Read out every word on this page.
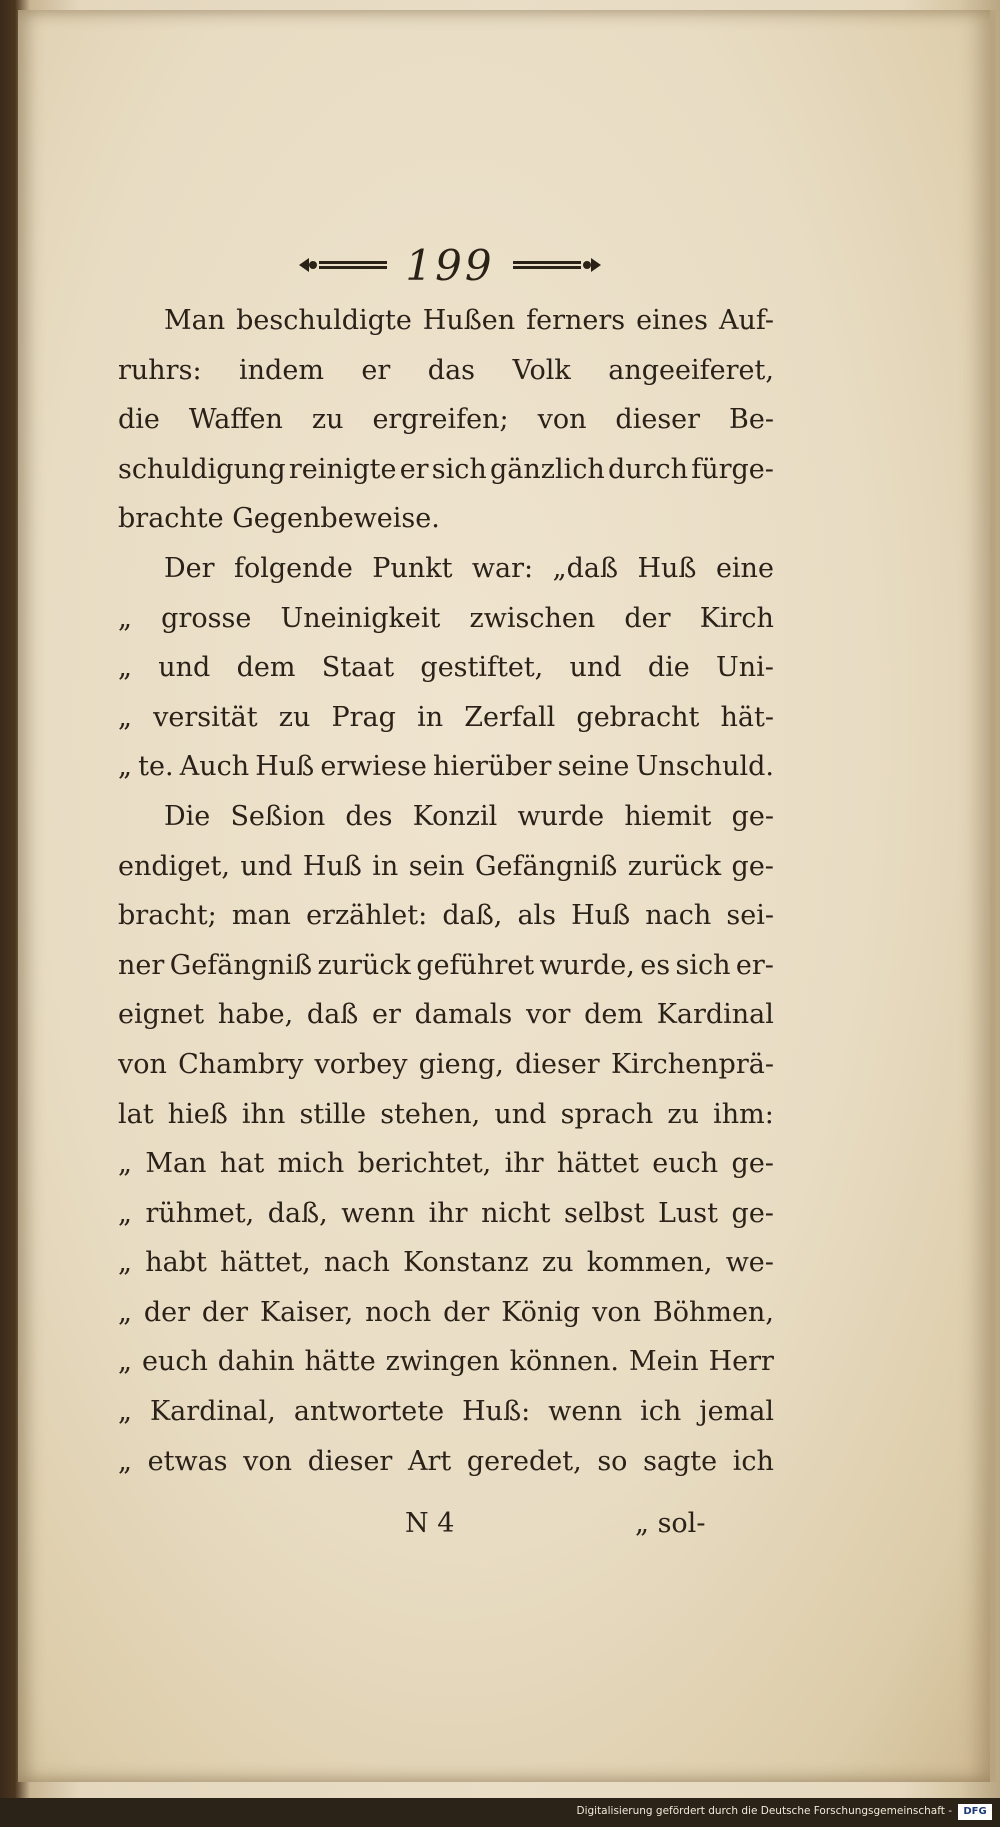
199
Man beschuldigte Hußen ferners eines Auf-
ruhrs: indem er das Volk angeeiferet,
die Waffen zu ergreifen; von dieser Be-
schuldigung reinigte er sich gänzlich durch fürge-
brachte Gegenbeweise.
Der folgende Punkt war: „daß Huß eine
„ grosse Uneinigkeit zwischen der Kirch
„ und dem Staat gestiftet, und die Uni-
„ versität zu Prag in Zerfall gebracht hät-
„ te. Auch Huß erwiese hierüber seine Unschuld.
Die Seßion des Konzil wurde hiemit ge-
endiget, und Huß in sein Gefängniß zurück ge-
bracht; man erzählet: daß, als Huß nach sei-
ner Gefängniß zurück geführet wurde, es sich er-
eignet habe, daß er damals vor dem Kardinal
von Chambry vorbey gieng, dieser Kirchenprä-
lat hieß ihn stille stehen, und sprach zu ihm:
„ Man hat mich berichtet, ihr hättet euch ge-
„ rühmet, daß, wenn ihr nicht selbst Lust ge-
„ habt hättet, nach Konstanz zu kommen, we-
„ der der Kaiser, noch der König von Böhmen,
„ euch dahin hätte zwingen können. Mein Herr
„ Kardinal, antwortete Huß: wenn ich jemal
„ etwas von dieser Art geredet, so sagte ich
N 4	„ sol-
Digitalisierung gefördert durch die Deutsche Forschungsgemeinschaft -	DFG
